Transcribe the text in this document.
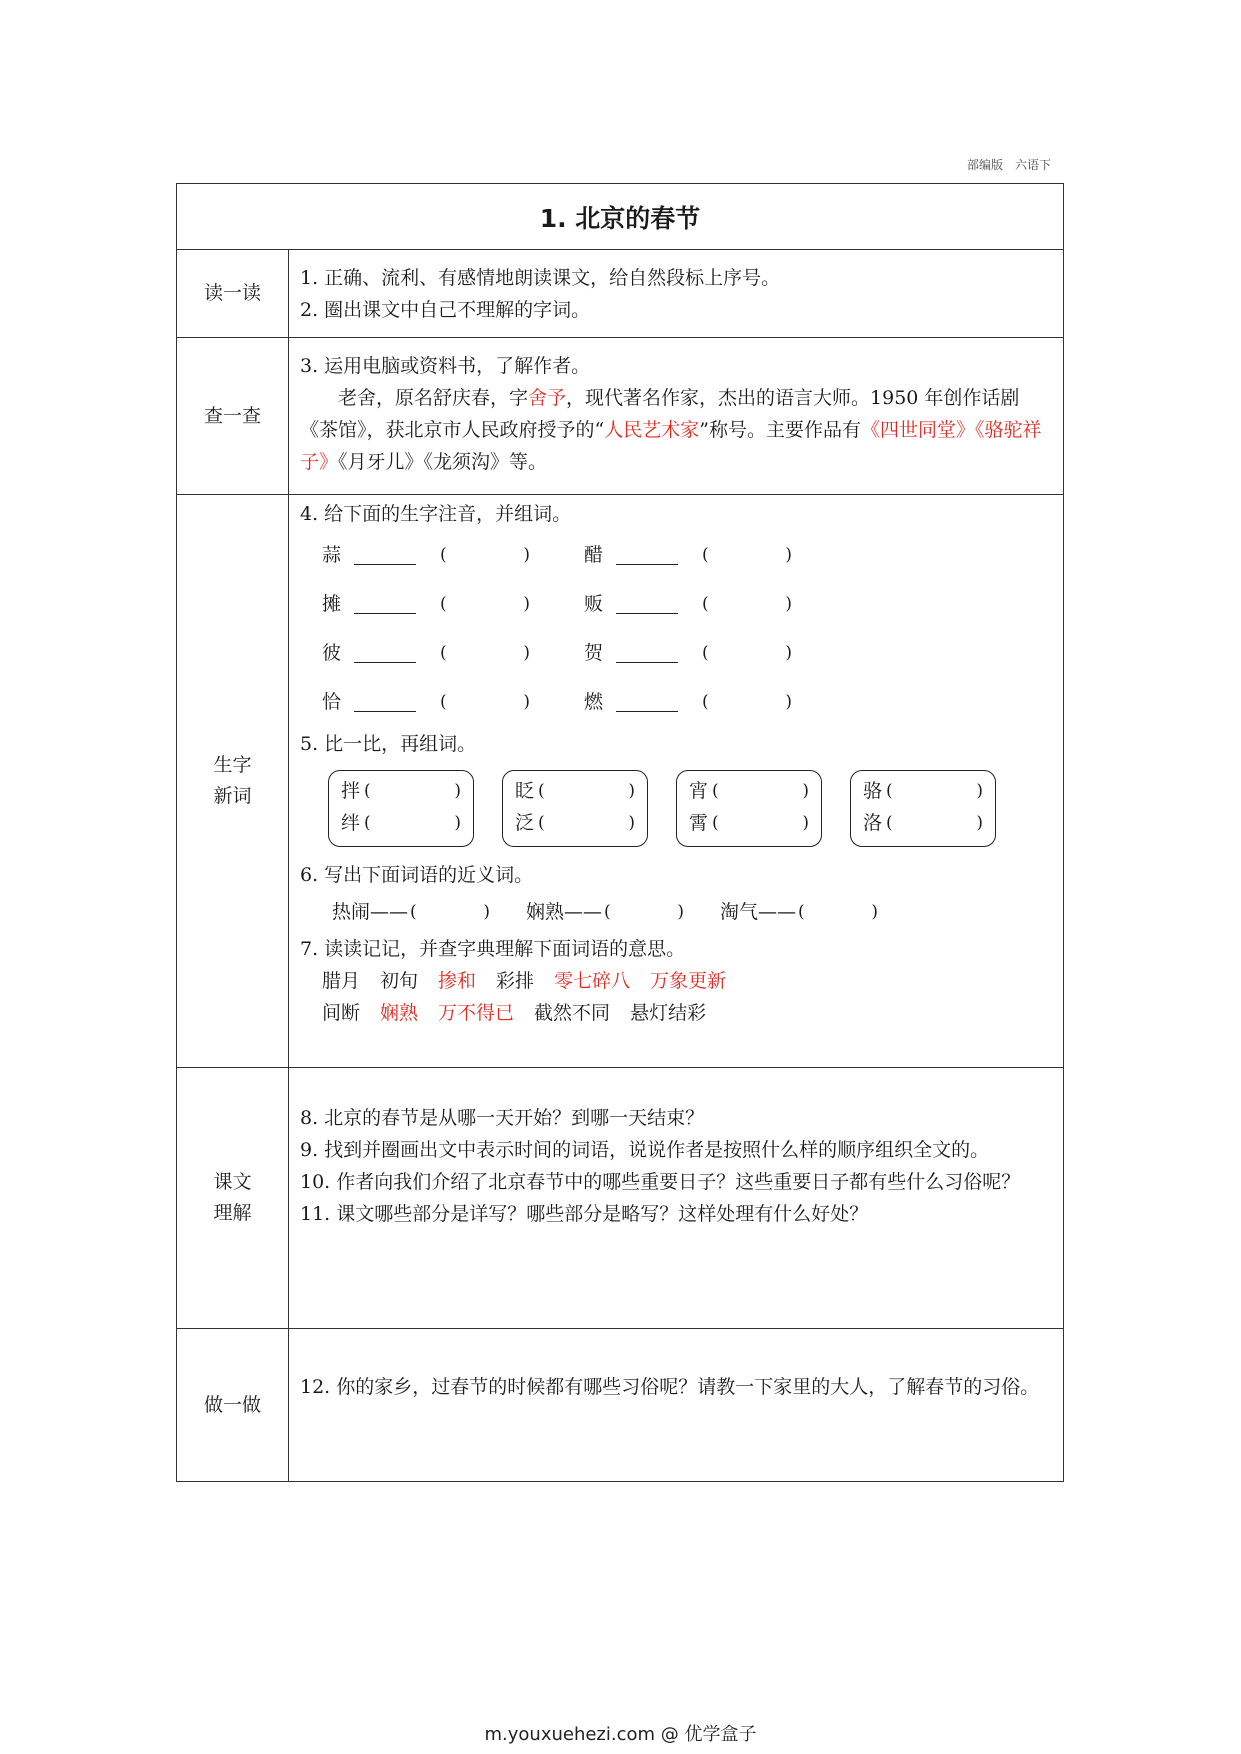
部编版 六语下
1. 北京的春节
读一读
1. 正确、流利、有感情地朗读课文，给自然段标上序号。
2. 圈出课文中自己不理解的字词。
查一查
3. 运用电脑或资料书，了解作者。
老舍，原名舒庆春，字舍予，现代著名作家，杰出的语言大师。1950 年创作话剧《茶馆》，获北京市人民政府授予的“人民艺术家”称号。主要作品有《四世同堂》《骆驼祥子》《月牙儿》《龙须沟》等。
生字
新词
4. 给下面的生字注音，并组词。
蒜	(	)	醋	(	)
摊	(	)	贩	(	)
彼	(	)	贺	(	)
恰	(	)	燃	(	)
5. 比一比，再组词。
拌 (	)
绊 (	)
眨 (	)
泛 (	)
宵 (	)
霄 (	)
骆 (	)
洛 (	)
6. 写出下面词语的近义词。
热闹—— (	) 娴熟—— (	) 淘气—— (	)
7. 读读记记，并查字典理解下面词语的意思。
腊月 初旬 掺和 彩排 零七碎八 万象更新
间断 娴熟 万不得已 截然不同 悬灯结彩
课文
理解
8. 北京的春节是从哪一天开始？到哪一天结束？
9. 找到并圈画出文中表示时间的词语，说说作者是按照什么样的顺序组织全文的。
10. 作者向我们介绍了北京春节中的哪些重要日子？这些重要日子都有些什么习俗呢？
11. 课文哪些部分是详写？哪些部分是略写？这样处理有什么好处？
做一做
12. 你的家乡，过春节的时候都有哪些习俗呢？请教一下家里的大人，了解春节的习俗。
m.youxuehezi.com @ 优学盒子
